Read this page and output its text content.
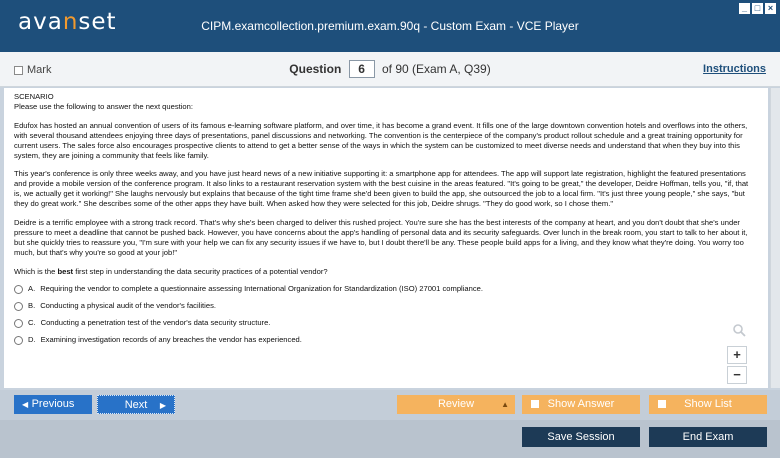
avanset	CIPM.examcollection.premium.exam.90q - Custom Exam - VCE Player
_ □ ×
Mark	Question 6 of 90 (Exam A, Q39)	Instructions

SCENARIO

Please use the following to answer the next question:

Edufox has hosted an annual convention of users of its famous e-learning software platform, and over time, it has become a grand event. It fills one of the large downtown convention hotels and overflows into the others, with several thousand attendees enjoying three days of presentations, panel discussions and networking. The convention is the centerpiece of the company's product rollout schedule and a great training opportunity for current users. The sales force also encourages prospective clients to attend to get a better sense of the ways in which the system can be customized to meet diverse needs and understand that when they buy into this system, they are joining a community that feels like family.

This year's conference is only three weeks away, and you have just heard news of a new initiative supporting it: a smartphone app for attendees. The app will support late registration, highlight the featured presentations and provide a mobile version of the conference program. It also links to a restaurant reservation system with the best cuisine in the areas featured. "It's going to be great," the developer, Deidre Hoffman, tells you, "if, that is, we actually get it working!" She laughs nervously but explains that because of the tight time frame she'd been given to build the app, she outsourced the job to a local firm. "It's just three young people," she says, "but they do great work." She describes some of the other apps they have built. When asked how they were selected for this job, Deidre shrugs. "They do good work, so I chose them."

Deidre is a terrific employee with a strong track record. That's why she's been charged to deliver this rushed project. You're sure she has the best interests of the company at heart, and you don't doubt that she's under pressure to meet a deadline that cannot be pushed back. However, you have concerns about the app's handling of personal data and its security safeguards. Over lunch in the break room, you start to talk to her about it, but she quickly tries to reassure you, "I'm sure with your help we can fix any security issues if we have to, but I doubt there'll be any. These people build apps for a living, and they know what they're doing. You worry too much, but that's why you're so good at your job!"

Which is the best first step in understanding the data security practices of a potential vendor?

A. Requiring the vendor to complete a questionnaire assessing International Organization for Standardization (ISO) 27001 compliance.
B. Conducting a physical audit of the vendor's facilities.
C. Conducting a penetration test of the vendor's data security structure.
D. Examining investigation records of any breaches the vendor has experienced.
+
−
◀ Previous	Next ▶	Review	▲	Show Answer	Show List
Save Session	End Exam
